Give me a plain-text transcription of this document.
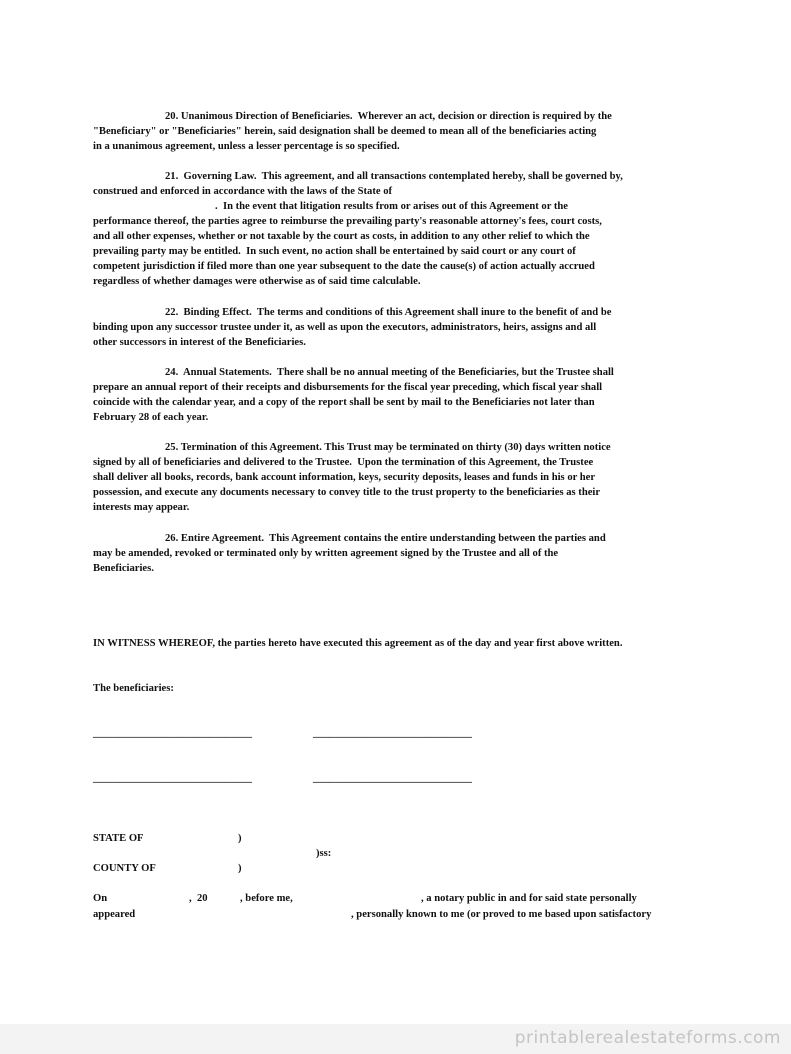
20. Unanimous Direction of Beneficiaries.  Wherever an act, decision or direction is required by the
"Beneficiary" or "Beneficiaries" herein, said designation shall be deemed to mean all of the beneficiaries acting
in a unanimous agreement, unless a lesser percentage is so specified.
21.  Governing Law.  This agreement, and all transactions contemplated hereby, shall be governed by,
construed and enforced in accordance with the laws of the State of
.  In the event that litigation results from or arises out of this Agreement or the
performance thereof, the parties agree to reimburse the prevailing party's reasonable attorney's fees, court costs,
and all other expenses, whether or not taxable by the court as costs, in addition to any other relief to which the
prevailing party may be entitled.  In such event, no action shall be entertained by said court or any court of
competent jurisdiction if filed more than one year subsequent to the date the cause(s) of action actually accrued
regardless of whether damages were otherwise as of said time calculable.
22.  Binding Effect.  The terms and conditions of this Agreement shall inure to the benefit of and be
binding upon any successor trustee under it, as well as upon the executors, administrators, heirs, assigns and all
other successors in interest of the Beneficiaries.
24.  Annual Statements.  There shall be no annual meeting of the Beneficiaries, but the Trustee shall
prepare an annual report of their receipts and disbursements for the fiscal year preceding, which fiscal year shall
coincide with the calendar year, and a copy of the report shall be sent by mail to the Beneficiaries not later than
February 28 of each year.
25. Termination of this Agreement. This Trust may be terminated on thirty (30) days written notice
signed by all of beneficiaries and delivered to the Trustee.  Upon the termination of this Agreement, the Trustee
shall deliver all books, records, bank account information, keys, security deposits, leases and funds in his or her
possession, and execute any documents necessary to convey title to the trust property to the beneficiaries as their
interests may appear.
26. Entire Agreement.  This Agreement contains the entire understanding between the parties and
may be amended, revoked or terminated only by written agreement signed by the Trustee and all of the
Beneficiaries.
IN WITNESS WHEREOF, the parties hereto have executed this agreement as of the day and year first above written.
The beneficiaries:
______________________________	______________________________
______________________________	______________________________
STATE OF	)
)ss:
COUNTY OF	)
On	,  20	, before me,	, a notary public in and for said state personally
appeared	, personally known to me (or proved to me based upon satisfactory
printablerealestateforms.com
